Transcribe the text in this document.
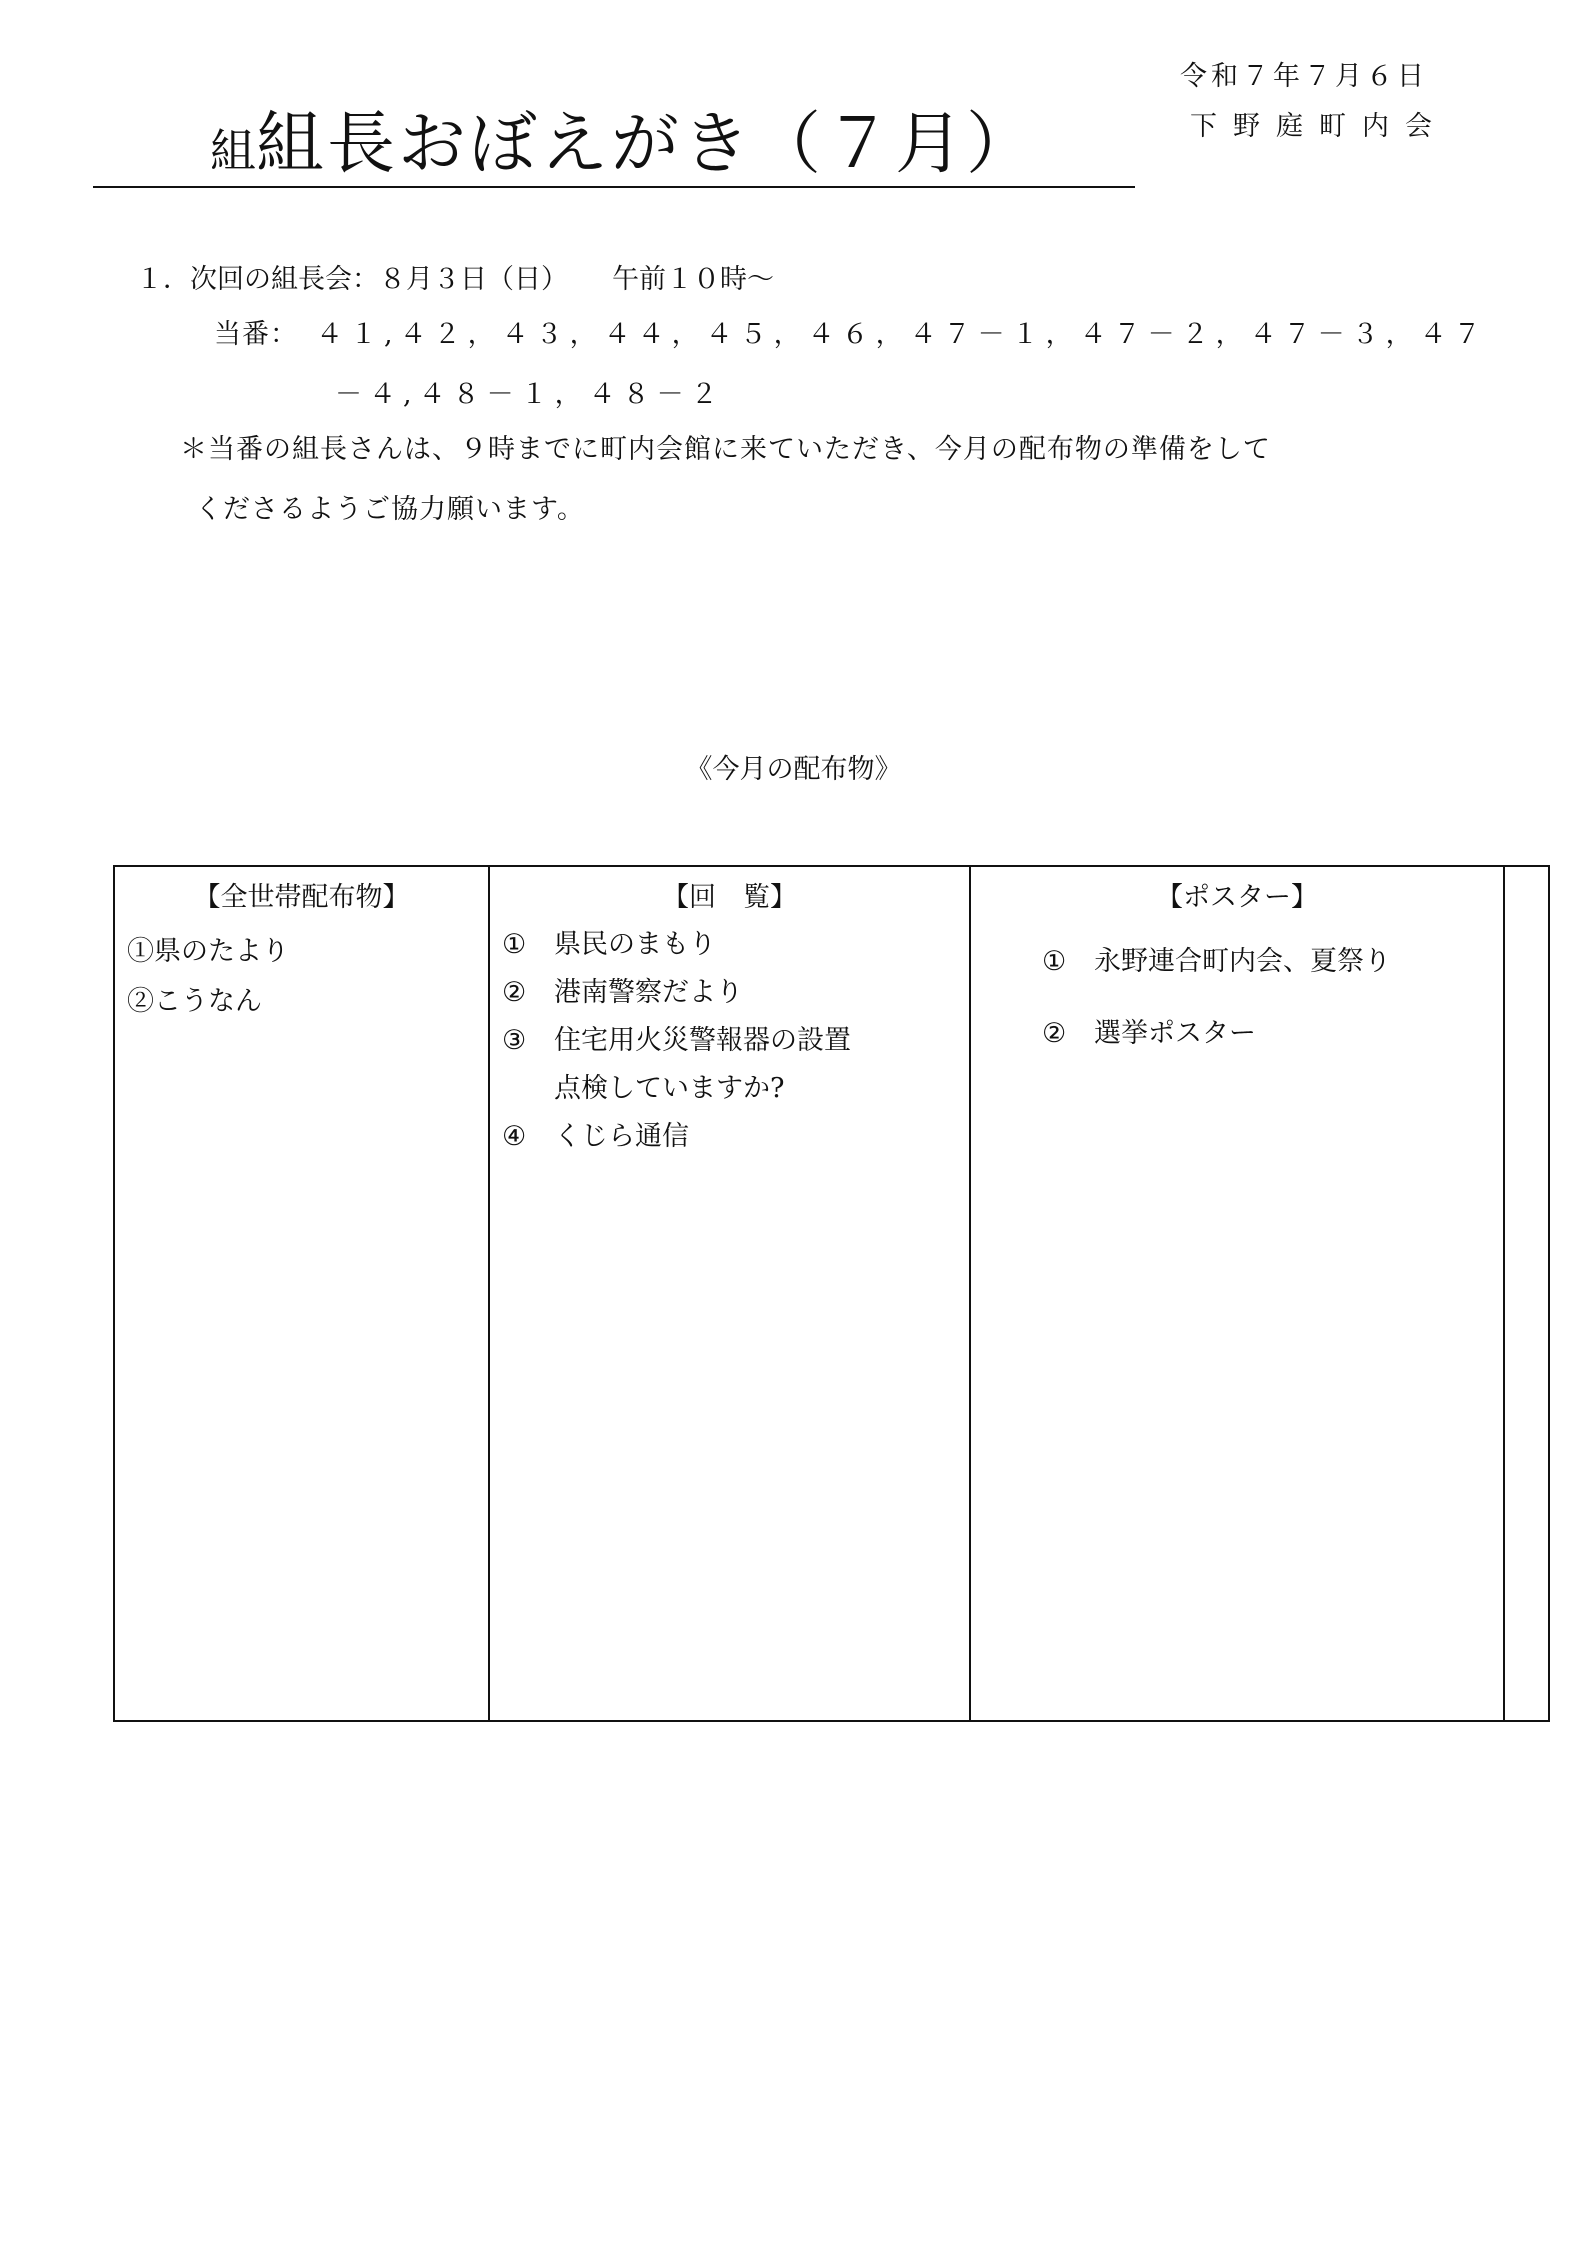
令和７年７月６日
下野庭町内会
組組長おぼえがき（７月）
１．次回の組長会：８月３日（日） 午前１０時～
当番： ４１,４２，４３，４４，４５，４６，４７－１，４７－２，４７－３，４７
－４,４８－１，４８－２
＊当番の組長さんは、９時までに町内会館に来ていただき、今月の配布物の準備をして
くださるようご協力願います。
《今月の配布物》
【全世帯配布物】
①県のたより
②こうなん
【回　覧】
①	県民のまもり
②	港南警察だより
③	住宅用火災警報器の設置
点検していますか?
④	くじら通信
【ポスター】
①	永野連合町内会、夏祭り
②	選挙ポスター
